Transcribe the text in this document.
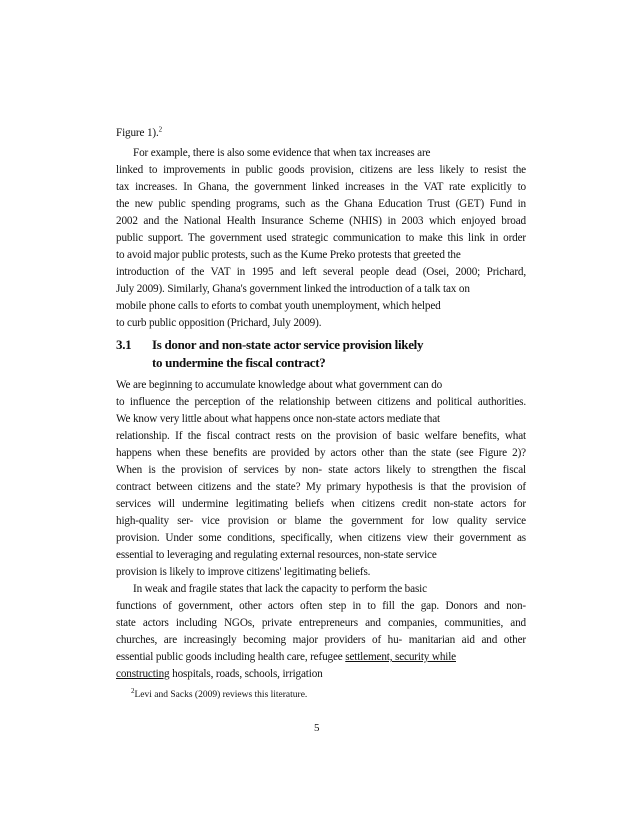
Figure 1).$^2$
For example, there is also some evidence that when tax increases are
linked to improvements in public goods provision, citizens are less likely to resist the
tax increases. In Ghana, the government linked increases in the VAT rate explicitly to
the new public spending programs, such as the Ghana Education Trust (GET) Fund in
2002 and the National Health Insurance Scheme (NHIS) in 2003 which enjoyed broad
public support. The government used strategic communication to make this link in order
to avoid major public protests, such as the Kume Preko protests that greeted the
introduction of the VAT in 1995 and left several people dead (Osei, 2000; Prichard,
July 2009). Similarly, Ghana's government linked the introduction of a talk tax on
mobile phone calls to eforts to combat youth unemployment, which helped
to curb public opposition (Prichard, July 2009).
3.1 Is donor and non-state actor service provision likely
to undermine the fiscal contract?
We are beginning to accumulate knowledge about what government can do
to influence the perception of the relationship between citizens and political authorities.
We know very little about what happens once non-state actors mediate that
relationship. If the fiscal contract rests on the provision of basic welfare benefits, what
happens when these benefits are provided by actors other than the state (see Figure 2)?
When is the provision of services by non- state actors likely to strengthen the fiscal
contract between citizens and the state? My primary hypothesis is that the provision of
services will undermine legitimating beliefs when citizens credit non-state actors for
high-quality ser- vice provision or blame the government for low quality service
provision. Under some conditions, specifically, when citizens view their government as
essential to leveraging and regulating external resources, non-state service
provision is likely to improve citizens' legitimating beliefs.
In weak and fragile states that lack the capacity to perform the basic
functions of government, other actors often step in to fill the gap. Donors and non-
state actors including NGOs, private entrepreneurs and companies, communities, and
churches, are increasingly becoming major providers of hu- manitarian aid and other
essential public goods including health care, refugee settlement, security while
constructing hospitals, roads, schools, irrigation
$^2$Levi and Sacks (2009) reviews this literature.
5
